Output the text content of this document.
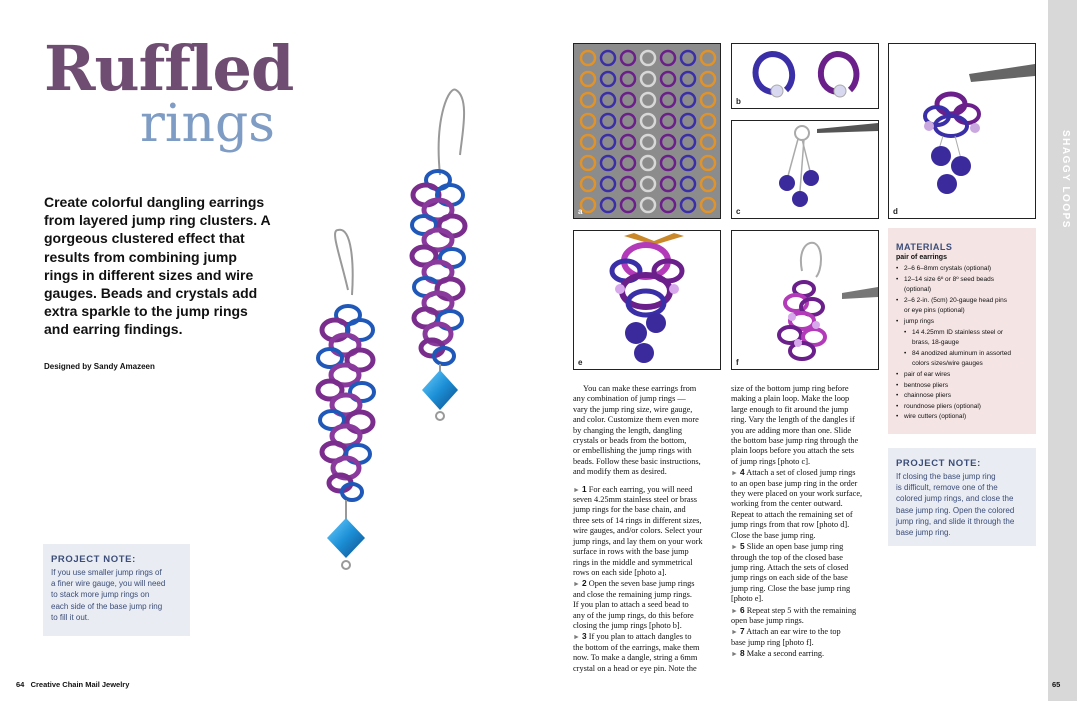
Ruffled
rings
Create colorful dangling earrings from layered jump ring clusters. A gorgeous clustered effect that results from combining jump rings in different sizes and wire gauges. Beads and crystals add extra sparkle to the jump rings and earring findings.
Designed by Sandy Amazeen
PROJECT NOTE:
If you use smaller jump rings of
a finer wire gauge, you will need
to stack more jump rings on
each side of the base jump ring
to fill it out.
64   Creative Chain Mail Jewelry
a
b
c	d
e	f

You can make these earrings from
any combination of jump rings —
vary the jump ring size, wire gauge,
and color. Customize them even more
by changing the length, dangling
crystals or beads from the bottom,
or embellishing the jump rings with
beads. Follow these basic instructions,
and modify them as desired.

► 1 For each earring, you will need
seven 4.25mm stainless steel or brass
jump rings for the base chain, and
three sets of 14 rings in different sizes,
wire gauges, and/or colors. Select your
jump rings, and lay them on your work
surface in rows with the base jump
rings in the middle and symmetrical
rows on each side [photo a].
► 2 Open the seven base jump rings
and close the remaining jump rings.
If you plan to attach a seed bead to
any of the jump rings, do this before
closing the jump rings [photo b].
► 3 If you plan to attach dangles to
the bottom of the earrings, make them
now. To make a dangle, string a 6mm
crystal on a head or eye pin. Note the

size of the bottom jump ring before
making a plain loop. Make the loop
large enough to fit around the jump
ring. Vary the length of the dangles if
you are adding more than one. Slide
the bottom base jump ring through the
plain loops before you attach the sets
of jump rings [photo c].

► 4 Attach a set of closed jump rings
to an open base jump ring in the order
they were placed on your work surface,
working from the center outward.
Repeat to attach the remaining set of
jump rings from that row [photo d].
Close the base jump ring.
► 5 Slide an open base jump ring
through the top of the closed base
jump ring. Attach the sets of closed
jump rings on each side of the base
jump ring. Close the base jump ring
[photo e].
► 6 Repeat step 5 with the remaining
open base jump rings.
► 7 Attach an ear wire to the top
base jump ring [photo f].
► 8 Make a second earring.
MATERIALS
pair of earrings
• 2–6 6–8mm crystals (optional)
• 12–14 size 6º or 8º seed beads
(optional)
• 2–6 2-in. (5cm) 20-gauge head pins
or eye pins (optional)
• jump rings
• 14 4.25mm ID stainless steel or
brass, 18-gauge
• 84 anodized aluminum in assorted
colors sizes/wire gauges
• pair of ear wires
• bentnose pliers
• chainnose pliers
• roundnose pliers (optional)
• wire cutters (optional)
PROJECT NOTE:
If closing the base jump ring
is difficult, remove one of the
colored jump rings, and close the
base jump ring. Open the colored
jump ring, and slide it through the
base jump ring.
SHAGGY LOOPS
65
